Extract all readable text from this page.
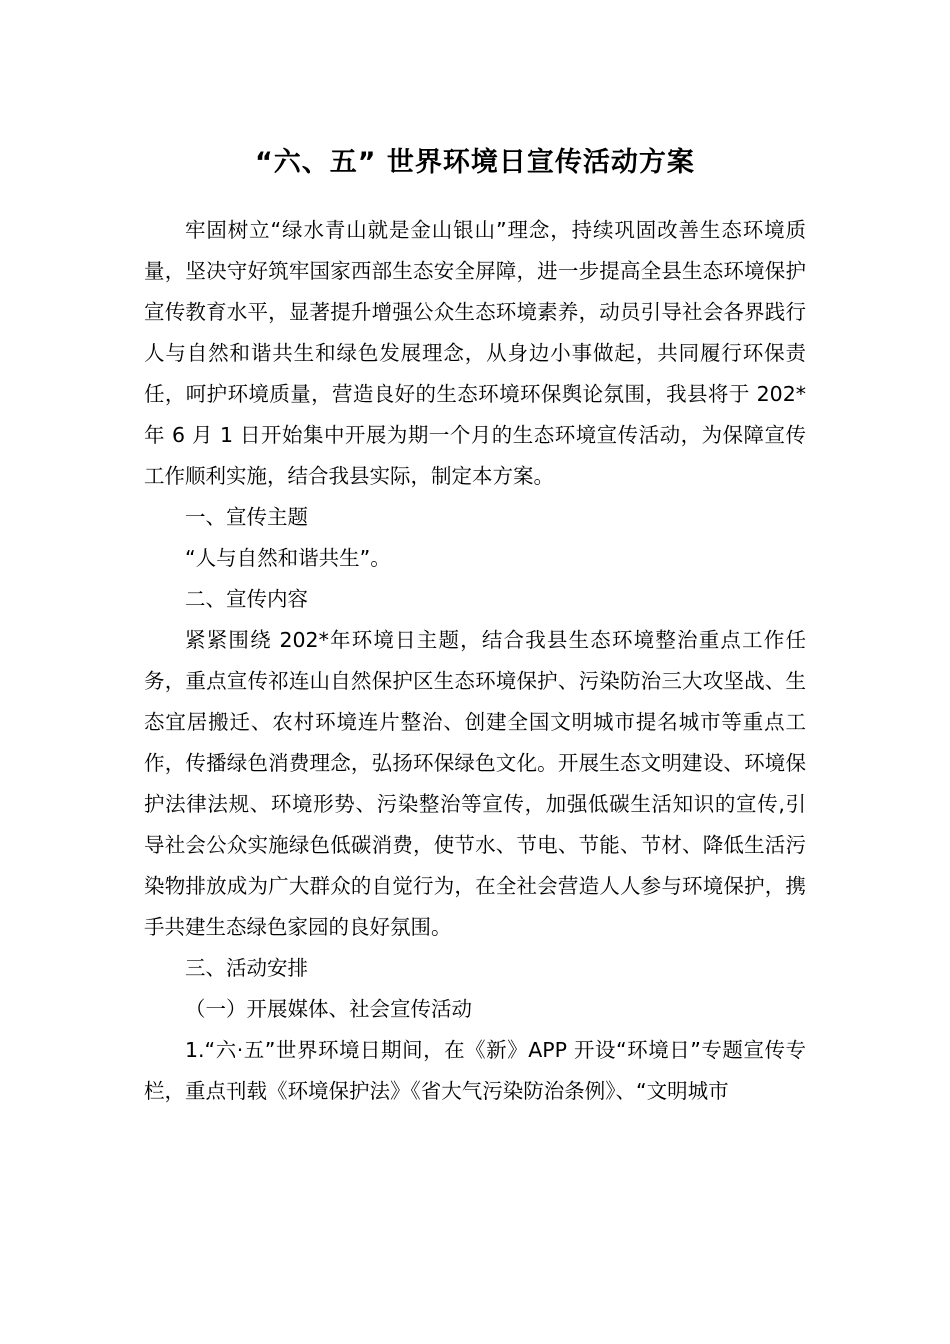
“六、五” 世界环境日宣传活动方案

牢固树立“绿水青山就是金山银山”理念，持续巩固改善生态环境质量，坚决守好筑牢国家西部生态安全屏障，进一步提高全县生态环境保护宣传教育水平，显著提升增强公众生态环境素养，动员引导社会各界践行人与自然和谐共生和绿色发展理念，从身边小事做起，共同履行环保责任，呵护环境质量，营造良好的生态环境环保舆论氛围，我县将于 202*年 6 月 1 日开始集中开展为期一个月的生态环境宣传活动，为保障宣传工作顺利实施，结合我县实际，制定本方案。

一、宣传主题

“人与自然和谐共生”。

二、宣传内容

紧紧围绕 202*年环境日主题，结合我县生态环境整治重点工作任务，重点宣传祁连山自然保护区生态环境保护、污染防治三大攻坚战、生态宜居搬迁、农村环境连片整治、创建全国文明城市提名城市等重点工作，传播绿色消费理念，弘扬环保绿色文化。开展生态文明建设、环境保护法律法规、环境形势、污染整治等宣传，加强低碳生活知识的宣传,引导社会公众实施绿色低碳消费，使节水、节电、节能、节材、降低生活污染物排放成为广大群众的自觉行为，在全社会营造人人参与环境保护，携手共建生态绿色家园的良好氛围。

三、活动安排

（一）开展媒体、社会宣传活动

1.“六·五”世界环境日期间，在《新》APP 开设“环境日”专题宣传专栏，重点刊载《环境保护法》《省大气污染防治条例》、“文明城市
